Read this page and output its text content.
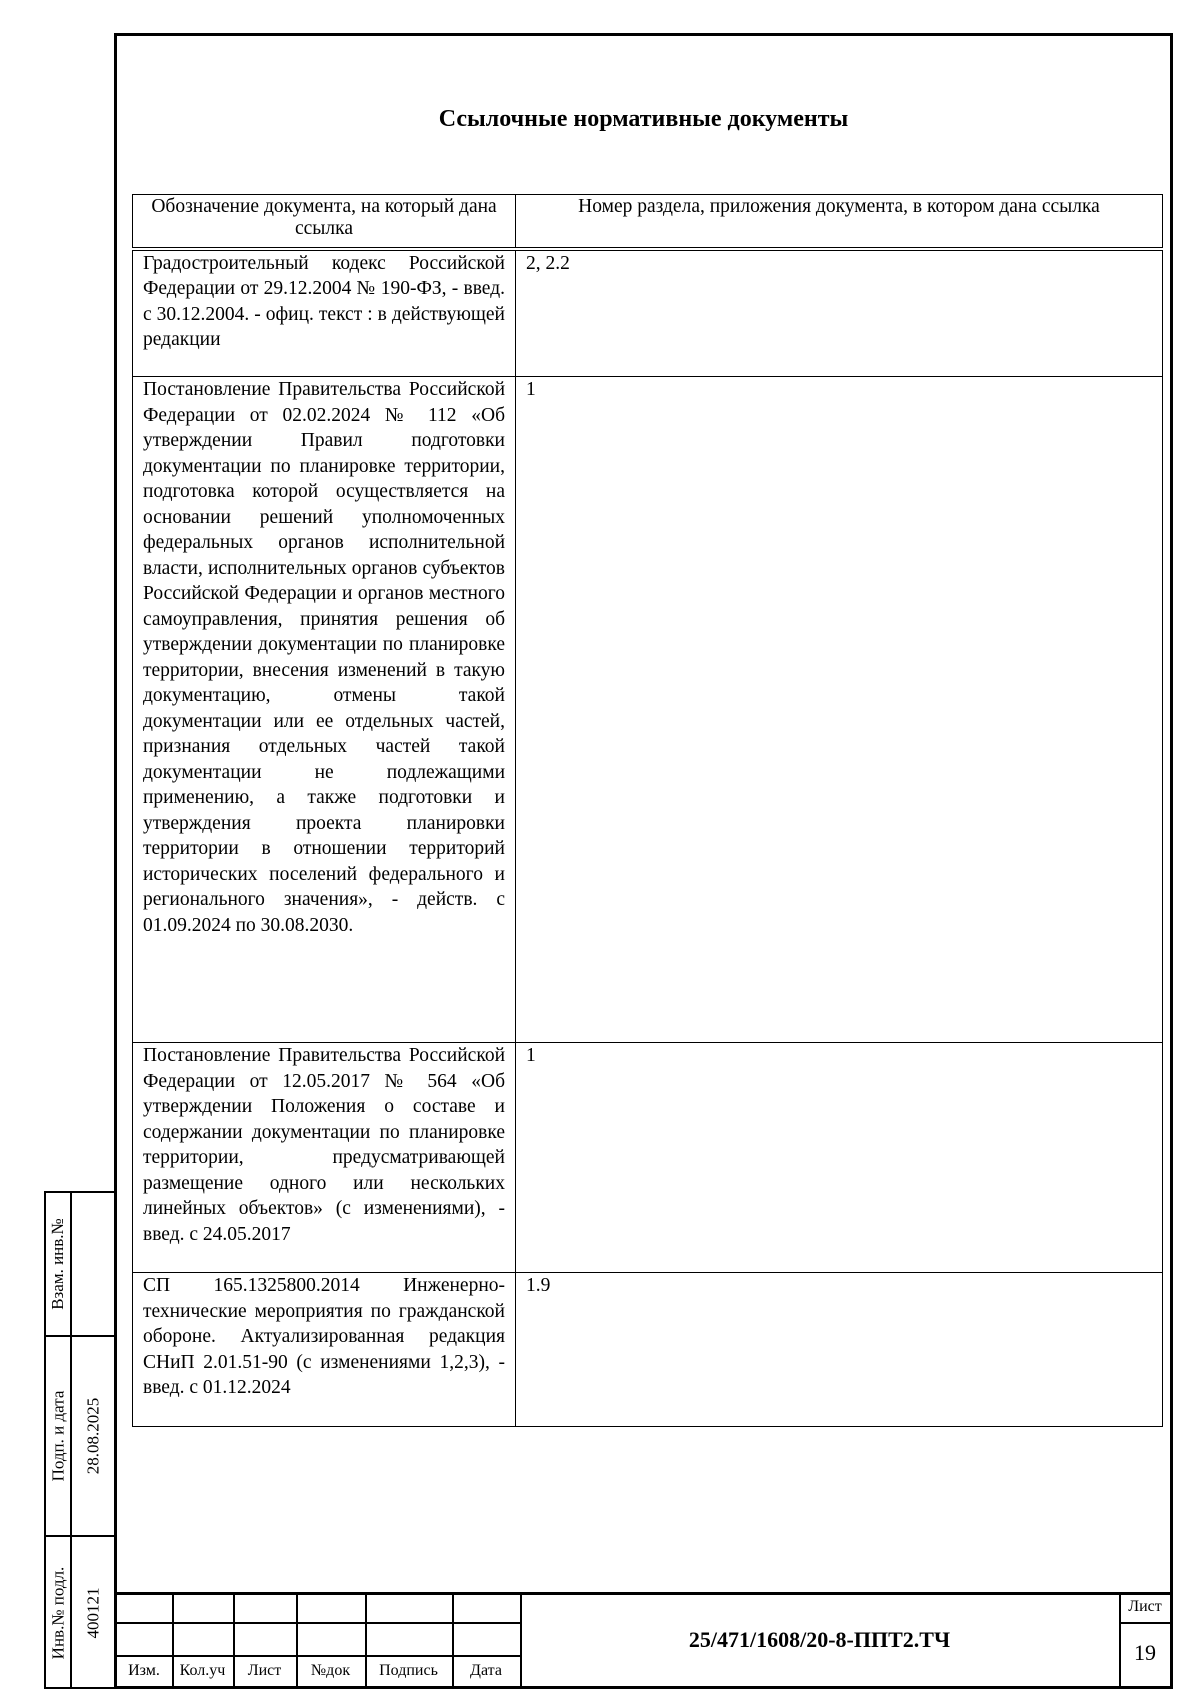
Ссылочные нормативные документы
Обозначение документа, на который дана ссылка	Номер раздела, приложения документа, в котором дана ссылка
Градостроительный кодекс Российской Федерации от 29.12.2004 № 190-ФЗ, - введ. с 30.12.2004. - офиц. текст : в действующей редакции	2, 2.2
Постановление Правительства Российской Федерации от 02.02.2024 № 112 «Об утверждении Правил подготовки документации по планировке территории, подготовка которой осуществляется на основании решений уполномоченных федеральных органов исполнительной власти, исполнительных органов субъектов Российской Федерации и органов местного самоуправления, принятия решения об утверждении документации по планировке территории, внесения изменений в такую документацию, отмены такой документации или ее отдельных частей, признания отдельных частей такой документации не подлежащими применению, а также подготовки и утверждения проекта планировки территории в отношении территорий исторических поселений федерального и регионального значения», - действ. с 01.09.2024 по 30.08.2030.	1
Постановление Правительства Российской Федерации от 12.05.2017 № 564 «Об утверждении Положения о составе и содержании документации по планировке территории, предусматривающей размещение одного или нескольких линейных объектов» (с изменениями), - введ. с 24.05.2017	1
СП 165.1325800.2014 Инженерно-технические мероприятия по гражданской обороне. Актуализированная редакция СНиП 2.01.51-90 (с изменениями 1,2,3), - введ. с 01.12.2024	1.9
Взам. инв.№
Подп. и дата 28.08.2025
Инв.№ подл. 400121
Изм.	Кол.уч	Лист	№док	Подпись	Дата
25/471/1608/20-8-ППТ2.ТЧ
Лист
19
